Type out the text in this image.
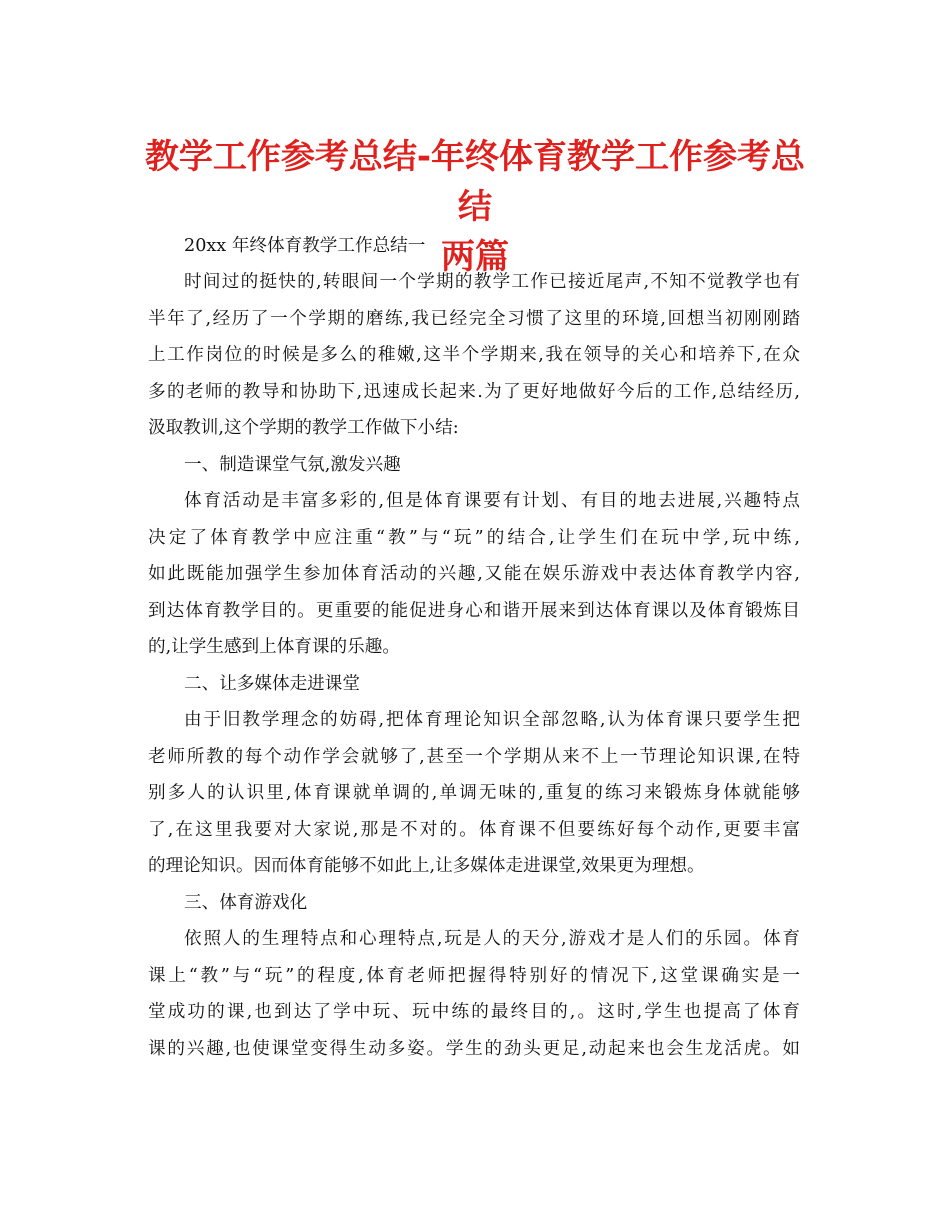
教学工作参考总结-年终体育教学工作参考总结
两篇
20xx 年终体育教学工作总结一
时间过的挺快的,转眼间一个学期的教学工作已接近尾声,不知不觉教学也有
半年了,经历了一个学期的磨练,我已经完全习惯了这里的环境,回想当初刚刚踏
上工作岗位的时候是多么的稚嫩,这半个学期来,我在领导的关心和培养下,在众
多的老师的教导和协助下,迅速成长起来.为了更好地做好今后的工作,总结经历,
汲取教训,这个学期的教学工作做下小结:
一、制造课堂气氛,激发兴趣
体育活动是丰富多彩的,但是体育课要有计划、有目的地去进展,兴趣特点
决定了体育教学中应注重“教”与“玩”的结合,让学生们在玩中学,玩中练,
如此既能加强学生参加体育活动的兴趣,又能在娱乐游戏中表达体育教学内容,
到达体育教学目的。更重要的能促进身心和谐开展来到达体育课以及体育锻炼目
的,让学生感到上体育课的乐趣。
二、让多媒体走进课堂
由于旧教学理念的妨碍,把体育理论知识全部忽略,认为体育课只要学生把
老师所教的每个动作学会就够了,甚至一个学期从来不上一节理论知识课,在特
别多人的认识里,体育课就单调的,单调无味的,重复的练习来锻炼身体就能够
了,在这里我要对大家说,那是不对的。体育课不但要练好每个动作,更要丰富
的理论知识。因而体育能够不如此上,让多媒体走进课堂,效果更为理想。
三、体育游戏化
依照人的生理特点和心理特点,玩是人的天分,游戏才是人们的乐园。体育
课上“教”与“玩”的程度,体育老师把握得特别好的情况下,这堂课确实是一
堂成功的课,也到达了学中玩、玩中练的最终目的,。这时,学生也提高了体育
课的兴趣,也使课堂变得生动多姿。学生的劲头更足,动起来也会生龙活虎。如
